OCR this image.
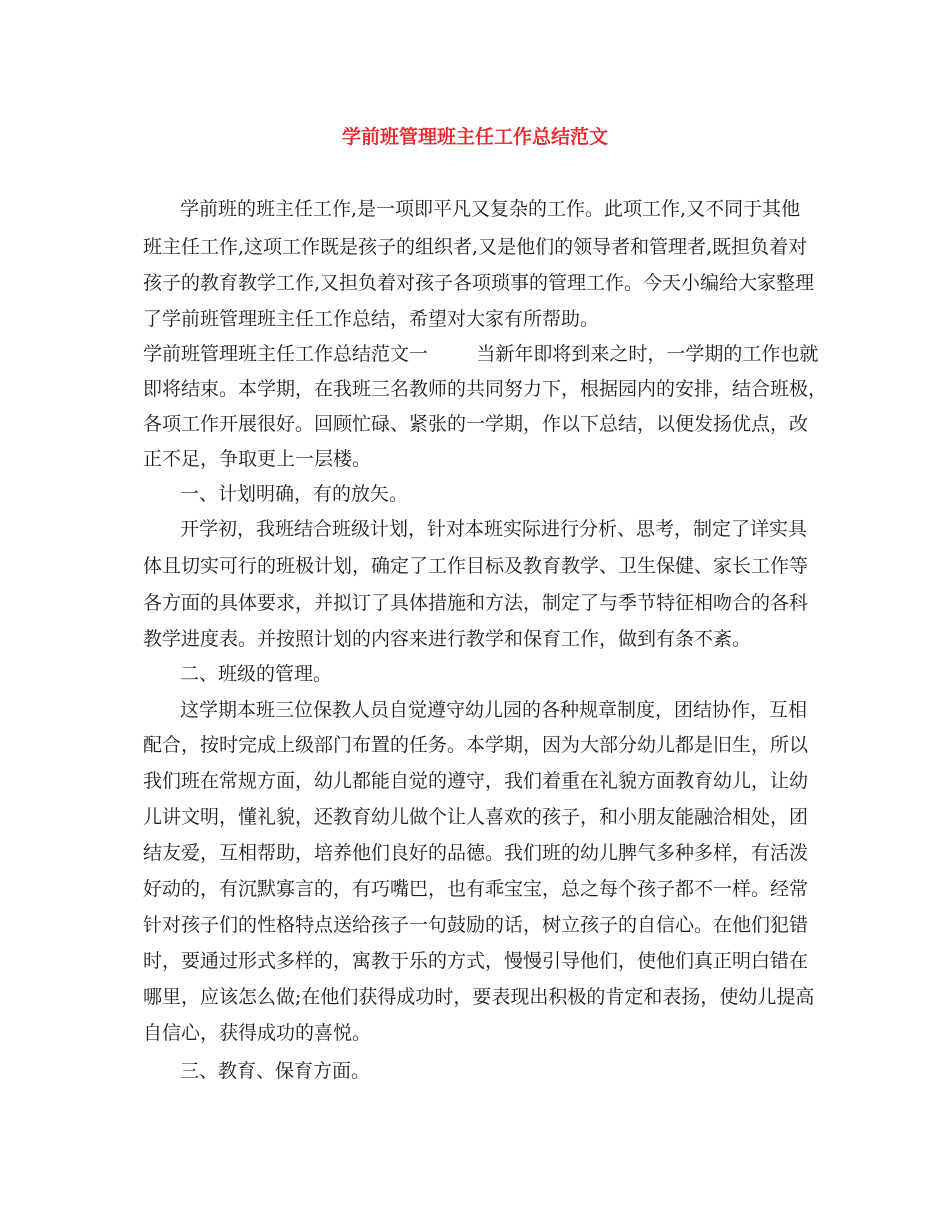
学前班管理班主任工作总结范文

学前班的班主任工作,是一项即平凡又复杂的工作。此项工作,又不同于其他

班主任工作,这项工作既是孩子的组织者,又是他们的领导者和管理者,既担负着对

孩子的教育教学工作,又担负着对孩子各项琐事的管理工作。今天小编给大家整理

了学前班管理班主任工作总结，希望对大家有所帮助。

学前班管理班主任工作总结范文一        当新年即将到来之时，一学期的工作也就

即将结束。本学期，在我班三名教师的共同努力下，根据园内的安排，结合班极，

各项工作开展很好。回顾忙碌、紧张的一学期，作以下总结，以便发扬优点，改

正不足，争取更上一层楼。

一、计划明确，有的放矢。

开学初，我班结合班级计划，针对本班实际进行分析、思考，制定了详实具

体且切实可行的班极计划，确定了工作目标及教育教学、卫生保健、家长工作等

各方面的具体要求，并拟订了具体措施和方法，制定了与季节特征相吻合的各科

教学进度表。并按照计划的内容来进行教学和保育工作，做到有条不紊。

二、班级的管理。

这学期本班三位保教人员自觉遵守幼儿园的各种规章制度，团结协作，互相

配合，按时完成上级部门布置的任务。本学期，因为大部分幼儿都是旧生，所以

我们班在常规方面，幼儿都能自觉的遵守，我们着重在礼貌方面教育幼儿，让幼

儿讲文明，懂礼貌，还教育幼儿做个让人喜欢的孩子，和小朋友能融洽相处，团

结友爱，互相帮助，培养他们良好的品德。我们班的幼儿脾气多种多样，有活泼

好动的，有沉默寡言的，有巧嘴巴，也有乖宝宝，总之每个孩子都不一样。经常

针对孩子们的性格特点送给孩子一句鼓励的话，树立孩子的自信心。在他们犯错

时，要通过形式多样的，寓教于乐的方式，慢慢引导他们，使他们真正明白错在

哪里，应该怎么做;在他们获得成功时，要表现出积极的肯定和表扬，使幼儿提高

自信心，获得成功的喜悦。

三、教育、保育方面。
